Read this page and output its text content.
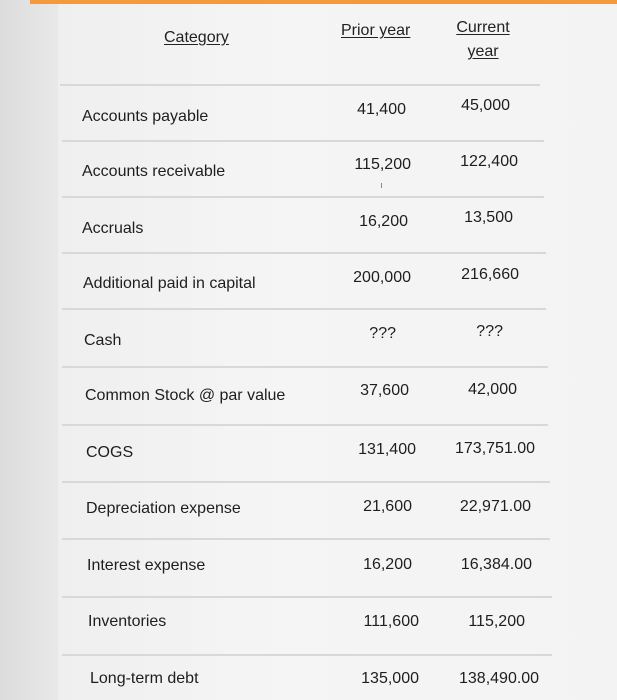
Category	Prior year	Current
year
Accounts payable	41,400	45,000
Accounts receivable	115,200	122,400
Accruals	16,200	13,500
Additional paid in capital	200,000	216,660
Cash	???	???
Common Stock @ par value	37,600	42,000
COGS	131,400 173,751.00
Depreciation expense	21,600	22,971.00
Interest expense	16,200	16,384.00
Inventories	111,600	115,200
Long-term debt	135,000	138,490.00
